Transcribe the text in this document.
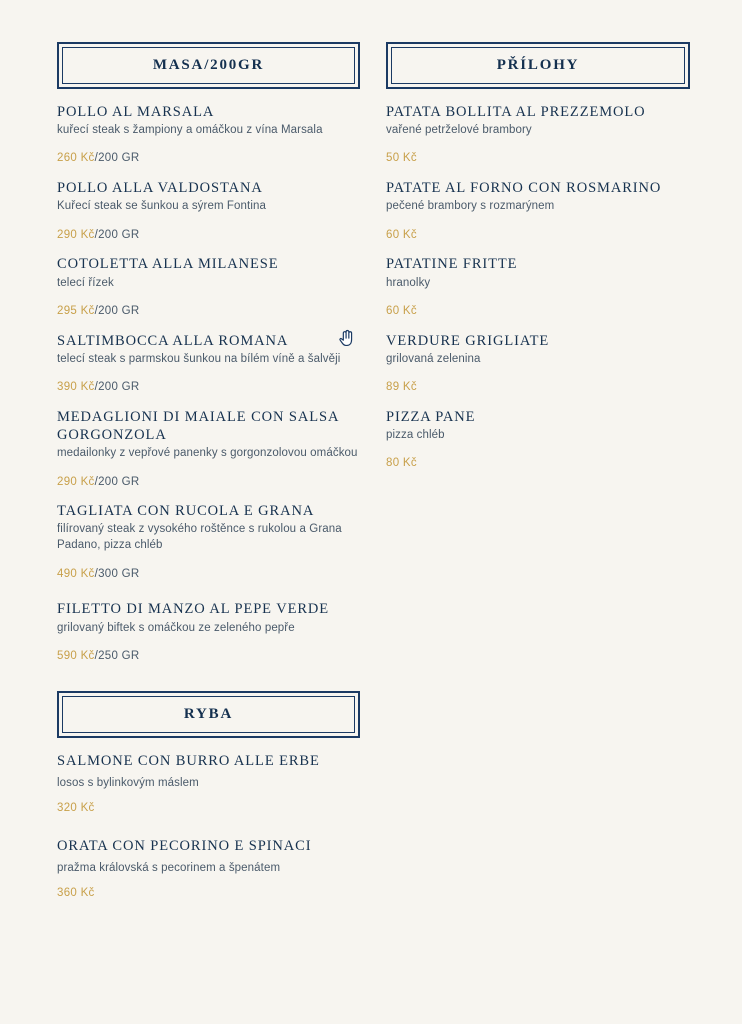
MASA/200GR

POLLO AL MARSALA

kuřecí steak s žampiony a omáčkou z vína Marsala

260 Kč/200 GR

POLLO ALLA VALDOSTANA

Kuřecí steak se šunkou a sýrem Fontina

290 Kč/200 GR

COTOLETTA ALLA MILANESE

telecí řízek

295 Kč/200 GR

SALTIMBOCCA ALLA ROMANA

telecí steak s parmskou šunkou na bílém víně a šalvěji

390 Kč/200 GR

MEDAGLIONI DI MAIALE CON SALSA GORGONZOLA

medailonky z vepřové panenky s gorgonzolovou omáčkou

290 Kč/200 GR

TAGLIATA CON RUCOLA E GRANA

filírovaný steak z vysokého roštěnce s rukolou a Grana Padano, pizza chléb

490 Kč/300 GR

FILETTO DI MANZO AL PEPE VERDE

grilovaný biftek s omáčkou ze zeleného pepře

590 Kč/250 GR

RYBA

SALMONE CON BURRO ALLE ERBE

losos s bylinkovým máslem

320 Kč

ORATA CON PECORINO E SPINACI

pražma královská s pecorinem a špenátem

360 Kč

PŘÍLOHY

PATATA BOLLITA AL PREZZEMOLO

vařené petrželové brambory

50 Kč

PATATE AL FORNO CON ROSMARINO

pečené brambory s rozmarýnem

60 Kč

PATATINE FRITTE

hranolky

60 Kč

VERDURE GRIGLIATE

grilovaná zelenina

89 Kč

PIZZA PANE

pizza chléb

80 Kč
